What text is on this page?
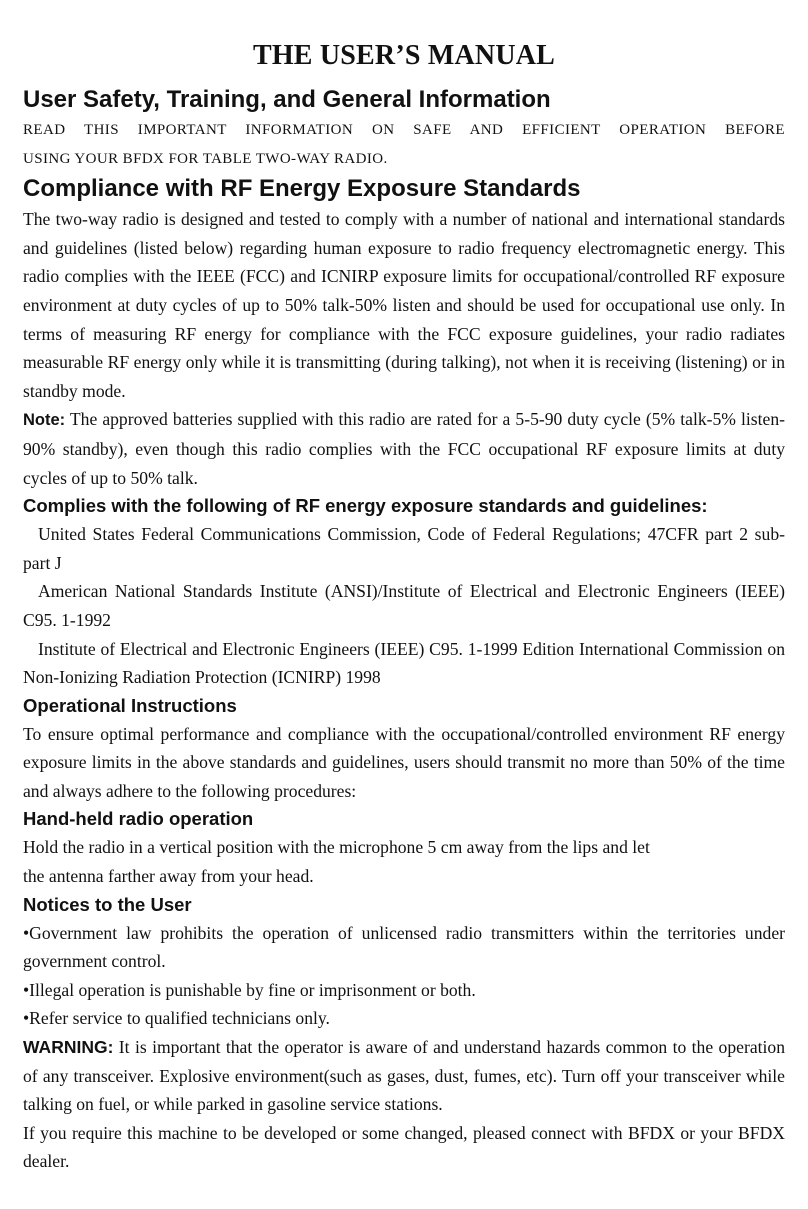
THE USER’S MANUAL
User Safety, Training, and General Information

READ THIS IMPORTANT INFORMATION ON SAFE AND EFFICIENT OPERATION BEFORE

USING YOUR BFDX FOR TABLE TWO-WAY RADIO.

Compliance with RF Energy Exposure Standards

The two-way radio is designed and tested to comply with a number of national and international standards and guidelines (listed below) regarding human exposure to radio frequency electromagnetic energy. This radio complies with the IEEE (FCC) and ICNIRP exposure limits for occupational/controlled RF exposure environment at duty cycles of up to 50% talk-50% listen and should be used for occupational use only. In terms of measuring RF energy for compliance with the FCC exposure guidelines, your radio radiates measurable RF energy only while it is transmitting (during talking), not when it is receiving (listening) or in standby mode.

Note: The approved batteries supplied with this radio are rated for a 5-5-90 duty cycle (5% talk-5% listen-90% standby), even though this radio complies with the FCC occupational RF exposure limits at duty cycles of up to 50% talk.

Complies with the following of RF energy exposure standards and guidelines:

United States Federal Communications Commission, Code of Federal Regulations; 47CFR part 2 sub-part J

American National Standards Institute (ANSI)/Institute of Electrical and Electronic Engineers (IEEE) C95. 1-1992

Institute of Electrical and Electronic Engineers (IEEE) C95. 1-1999 Edition International Commission on Non-Ionizing Radiation Protection (ICNIRP) 1998

Operational Instructions

To ensure optimal performance and compliance with the occupational/controlled environment RF energy exposure limits in the above standards and guidelines, users should transmit no more than 50% of the time and always adhere to the following procedures:

Hand-held radio operation

Hold the radio in a vertical position with the microphone 5 cm away from the lips and let

the antenna farther away from your head.

Notices to the User

•Government law prohibits the operation of unlicensed radio transmitters within the territories under government control.

•Illegal operation is punishable by fine or imprisonment or both.

•Refer service to qualified technicians only.

WARNING: It is important that the operator is aware of and understand hazards common to the operation of any transceiver. Explosive environment(such as gases, dust, fumes, etc). Turn off your transceiver while talking on fuel, or while parked in gasoline service stations.

If you require this machine to be developed or some changed, pleased connect with BFDX or your BFDX dealer.
